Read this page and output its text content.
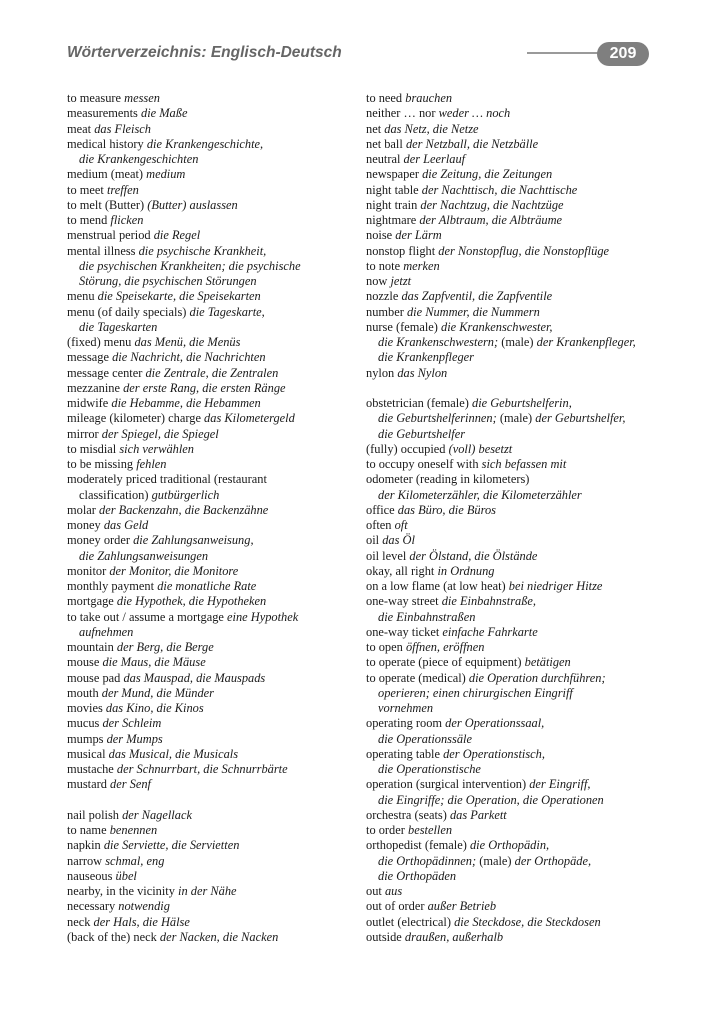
Wörterverzeichnis: Englisch-Deutsch	209
to measure messen
measurements die Maße
meat das Fleisch
medical history die Krankengeschichte,
die Krankengeschichten
medium (meat) medium
to meet treffen
to melt (Butter) (Butter) auslassen
to mend flicken
menstrual period die Regel
mental illness die psychische Krankheit,
die psychischen Krankheiten; die psychische
Störung, die psychischen Störungen
menu die Speisekarte, die Speisekarten
menu (of daily specials) die Tageskarte,
die Tageskarten
(fixed) menu das Menü, die Menüs
message die Nachricht, die Nachrichten
message center die Zentrale, die Zentralen
mezzanine der erste Rang, die ersten Ränge
midwife die Hebamme, die Hebammen
mileage (kilometer) charge das Kilometergeld
mirror der Spiegel, die Spiegel
to misdial sich verwählen
to be missing fehlen
moderately priced traditional (restaurant
classification) gutbürgerlich
molar der Backenzahn, die Backenzähne
money das Geld
money order die Zahlungsanweisung,
die Zahlungsanweisungen
monitor der Monitor, die Monitore
monthly payment die monatliche Rate
mortgage die Hypothek, die Hypotheken
to take out / assume a mortgage eine Hypothek
aufnehmen
mountain der Berg, die Berge
mouse die Maus, die Mäuse
mouse pad das Mauspad, die Mauspads
mouth der Mund, die Münder
movies das Kino, die Kinos
mucus der Schleim
mumps der Mumps
musical das Musical, die Musicals
mustache der Schnurrbart, die Schnurrbärte
mustard der Senf
nail polish der Nagellack
to name benennen
napkin die Serviette, die Servietten
narrow schmal, eng
nauseous übel
nearby, in the vicinity in der Nähe
necessary notwendig
neck der Hals, die Hälse
(back of the) neck der Nacken, die Nacken
to need brauchen
neither … nor weder … noch
net das Netz, die Netze
net ball der Netzball, die Netzbälle
neutral der Leerlauf
newspaper die Zeitung, die Zeitungen
night table der Nachttisch, die Nachttische
night train der Nachtzug, die Nachtzüge
nightmare der Albtraum, die Albträume
noise der Lärm
nonstop flight der Nonstopflug, die Nonstopflüge
to note merken
now jetzt
nozzle das Zapfventil, die Zapfventile
number die Nummer, die Nummern
nurse (female) die Krankenschwester,
die Krankenschwestern; (male) der Krankenpfleger,
die Krankenpfleger
nylon das Nylon
obstetrician (female) die Geburtshelferin,
die Geburtshelferinnen; (male) der Geburtshelfer,
die Geburtshelfer
(fully) occupied (voll) besetzt
to occupy oneself with sich befassen mit
odometer (reading in kilometers)
der Kilometerzähler, die Kilometerzähler
office das Büro, die Büros
often oft
oil das Öl
oil level der Ölstand, die Ölstände
okay, all right in Ordnung
on a low flame (at low heat) bei niedriger Hitze
one-way street die Einbahnstraße,
die Einbahnstraßen
one-way ticket einfache Fahrkarte
to open öffnen, eröffnen
to operate (piece of equipment) betätigen
to operate (medical) die Operation durchführen;
operieren; einen chirurgischen Eingriff
vornehmen
operating room der Operationssaal,
die Operationssäle
operating table der Operationstisch,
die Operationstische
operation (surgical intervention) der Eingriff,
die Eingriffe; die Operation, die Operationen
orchestra (seats) das Parkett
to order bestellen
orthopedist (female) die Orthopädin,
die Orthopädinnen; (male) der Orthopäde,
die Orthopäden
out aus
out of order außer Betrieb
outlet (electrical) die Steckdose, die Steckdosen
outside draußen, außerhalb
